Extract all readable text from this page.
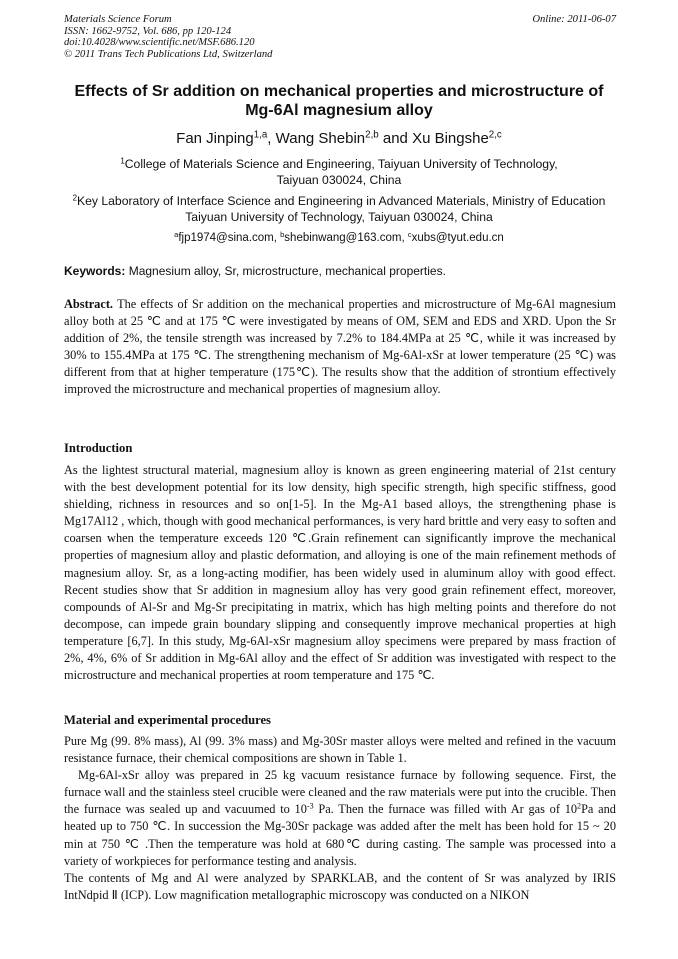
Materials Science Forum
ISSN: 1662-9752, Vol. 686, pp 120-124
doi:10.4028/www.scientific.net/MSF.686.120
© 2011 Trans Tech Publications Ltd, Switzerland
Online: 2011-06-07
Effects of Sr addition on mechanical properties and microstructure of
Mg-6Al magnesium alloy
Fan Jinping$^{1,a}$, Wang Shebin$^{2,b}$ and Xu Bingshe$^{2,c}$
$^1$College of Materials Science and Engineering, Taiyuan University of Technology,
Taiyuan 030024, China
$^2$Key Laboratory of Interface Science and Engineering in Advanced Materials, Ministry of Education
Taiyuan University of Technology, Taiyuan 030024, China
$^a$fjp1974@sina.com, $^b$shebinwang@163.com, $^c$xubs@tyut.edu.cn
Keywords: Magnesium alloy, Sr, microstructure, mechanical properties.

Abstract. The effects of Sr addition on the mechanical properties and microstructure of Mg-6Al magnesium alloy both at 25 ℃ and at 175 ℃ were investigated by means of OM, SEM and EDS and XRD. Upon the Sr addition of 2%, the tensile strength was increased by 7.2% to 184.4MPa at 25 ℃, while it was increased by 30% to 155.4MPa at 175 ℃. The strengthening mechanism of Mg-6Al-xSr at lower temperature (25 ℃) was different from that at higher temperature (175℃). The results show that the addition of strontium effectively improved the microstructure and mechanical properties of magnesium alloy.

Introduction

As the lightest structural material, magnesium alloy is known as green engineering material of 21st century with the best development potential for its low density, high specific strength, high specific stiffness, good shielding, richness in resources and so on[1-5]. In the Mg-A1 based alloys, the strengthening phase is Mg17Al12 , which, though with good mechanical performances, is very hard brittle and very easy to soften and coarsen when the temperature exceeds 120 ℃.Grain refinement can significantly improve the mechanical properties of magnesium alloy and plastic deformation, and alloying is one of the main refinement methods of magnesium alloy. Sr, as a long-acting modifier, has been widely used in aluminum alloy with good effect. Recent studies show that Sr addition in magnesium alloy has very good grain refinement effect, moreover, compounds of Al-Sr and Mg-Sr precipitating in matrix, which has high melting points and therefore do not decompose, can impede grain boundary slipping and consequently improve mechanical properties at high temperature [6,7]. In this study, Mg-6Al-xSr magnesium alloy specimens were prepared by mass fraction of 2%, 4%, 6% of Sr addition in Mg-6Al alloy and the effect of Sr addition was investigated with respect to the microstructure and mechanical properties at room temperature and 175 ℃.

Material and experimental procedures

Pure Mg (99. 8% mass), Al (99. 3% mass) and Mg-30Sr master alloys were melted and refined in the vacuum resistance furnace, their chemical compositions are shown in Table 1.

Mg-6Al-xSr alloy was prepared in 25 kg vacuum resistance furnace by following sequence. First, the furnace wall and the stainless steel crucible were cleaned and the raw materials were put into the crucible. Then the furnace was sealed up and vacuumed to $10^{-3}$ Pa. Then the furnace was filled with Ar gas of $10^2Pa$ and heated up to 750 ℃. In succession the Mg-30Sr package was added after the melt has been hold for 15 ~ 20 min at 750 ℃ .Then the temperature was hold at 680℃ during casting. The sample was processed into a variety of workpieces for performance testing and analysis.

The contents of Mg and Al were analyzed by SPARKLAB, and the content of Sr was analyzed by IRIS IntNdpid Ⅱ (ICP). Low magnification metallographic microscopy was conducted on a NIKON
